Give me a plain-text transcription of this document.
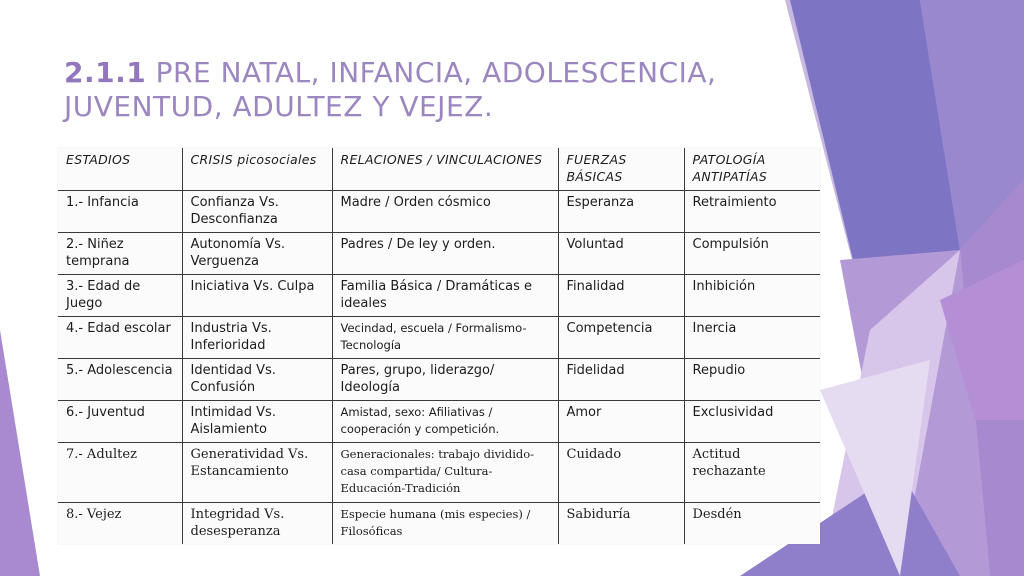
2.1.1 PRE NATAL, INFANCIA, ADOLESCENCIA, JUVENTUD, ADULTEZ Y VEJEZ.
ESTADIOS	CRISIS picosociales	RELACIONES / VINCULACIONES	FUERZAS BÁSICAS	PATOLOGÍA ANTIPATÍAS
1.- Infancia	Confianza Vs. Desconfianza	Madre / Orden cósmico	Esperanza	Retraimiento
2.- Niñez temprana	Autonomía Vs. Verguenza	Padres / De ley y orden.	Voluntad	Compulsión
3.- Edad de Juego	Iniciativa Vs. Culpa	Familia Básica / Dramáticas e ideales	Finalidad	Inhibición
4.- Edad escolar	Industria Vs. Inferioridad	Vecindad, escuela / Formalismo-Tecnología	Competencia	Inercia
5.- Adolescencia	Identidad Vs. Confusión	Pares, grupo, liderazgo/ Ideología	Fidelidad	Repudio
6.- Juventud	Intimidad Vs. Aislamiento	Amistad, sexo: Afiliativas / cooperación y competición.	Amor	Exclusividad
7.- Adultez	Generatividad Vs. Estancamiento	Generacionales: trabajo dividido- casa compartida/ Cultura-Educación-Tradición	Cuidado	Actitud rechazante
8.- Vejez	Integridad Vs. desesperanza	Especie humana (mis especies) / Filosóficas	Sabiduría	Desdén
